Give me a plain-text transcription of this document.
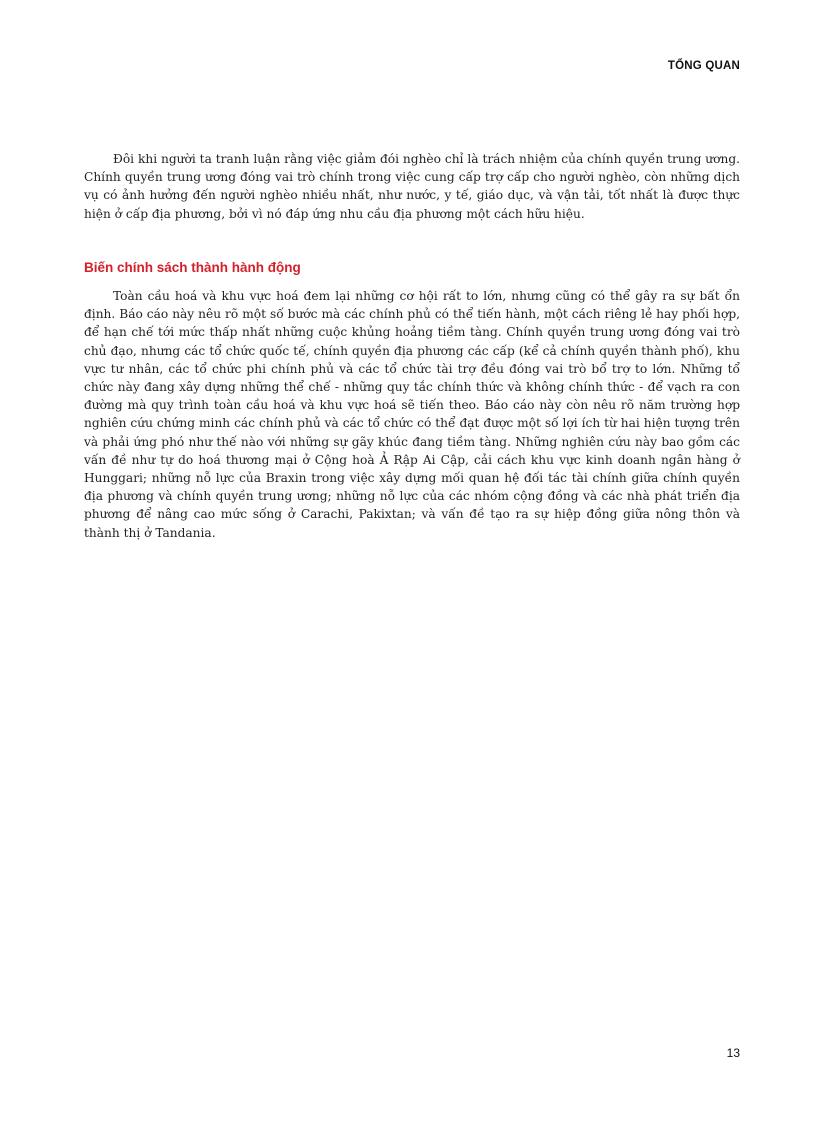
TỔNG QUAN

Đôi khi người ta tranh luận rằng việc giảm đói nghèo chỉ là trách nhiệm của chính quyền trung ương. Chính quyền trung ương đóng vai trò chính trong việc cung cấp trợ cấp cho người nghèo, còn những dịch vụ có ảnh hưởng đến người nghèo nhiều nhất, như nước, y tế, giáo dục, và vận tải, tốt nhất là được thực hiện ở cấp địa phương, bởi vì nó đáp ứng nhu cầu địa phương một cách hữu hiệu.

Biến chính sách thành hành động

Toàn cầu hoá và khu vực hoá đem lại những cơ hội rất to lớn, nhưng cũng có thể gây ra sự bất ổn định. Báo cáo này nêu rõ một số bước mà các chính phủ có thể tiến hành, một cách riêng lẻ hay phối hợp, để hạn chế tới mức thấp nhất những cuộc khủng hoảng tiềm tàng. Chính quyền trung ương đóng vai trò chủ đạo, nhưng các tổ chức quốc tế, chính quyền địa phương các cấp (kể cả chính quyền thành phố), khu vực tư nhân, các tổ chức phi chính phủ và các tổ chức tài trợ đều đóng vai trò bổ trợ to lớn. Những tổ chức này đang xây dựng những thể chế - những quy tắc chính thức và không chính thức - để vạch ra con đường mà quy trình toàn cầu hoá và khu vực hoá sẽ tiến theo. Báo cáo này còn nêu rõ năm trường hợp nghiên cứu chứng minh các chính phủ và các tổ chức có thể đạt được một số lợi ích từ hai hiện tượng trên và phải ứng phó như thế nào với những sự gãy khúc đang tiềm tàng. Những nghiên cứu này bao gồm các vấn đề như tự do hoá thương mại ở Cộng hoà Ả Rập Ai Cập, cải cách khu vực kinh doanh ngân hàng ở Hunggari; những nỗ lực của Braxin trong việc xây dựng mối quan hệ đối tác tài chính giữa chính quyền địa phương và chính quyền trung ương; những nỗ lực của các nhóm cộng đồng và các nhà phát triển địa phương để nâng cao mức sống ở Carachi, Pakixtan; và vấn đề tạo ra sự hiệp đồng giữa nông thôn và thành thị ở Tandania.

13
